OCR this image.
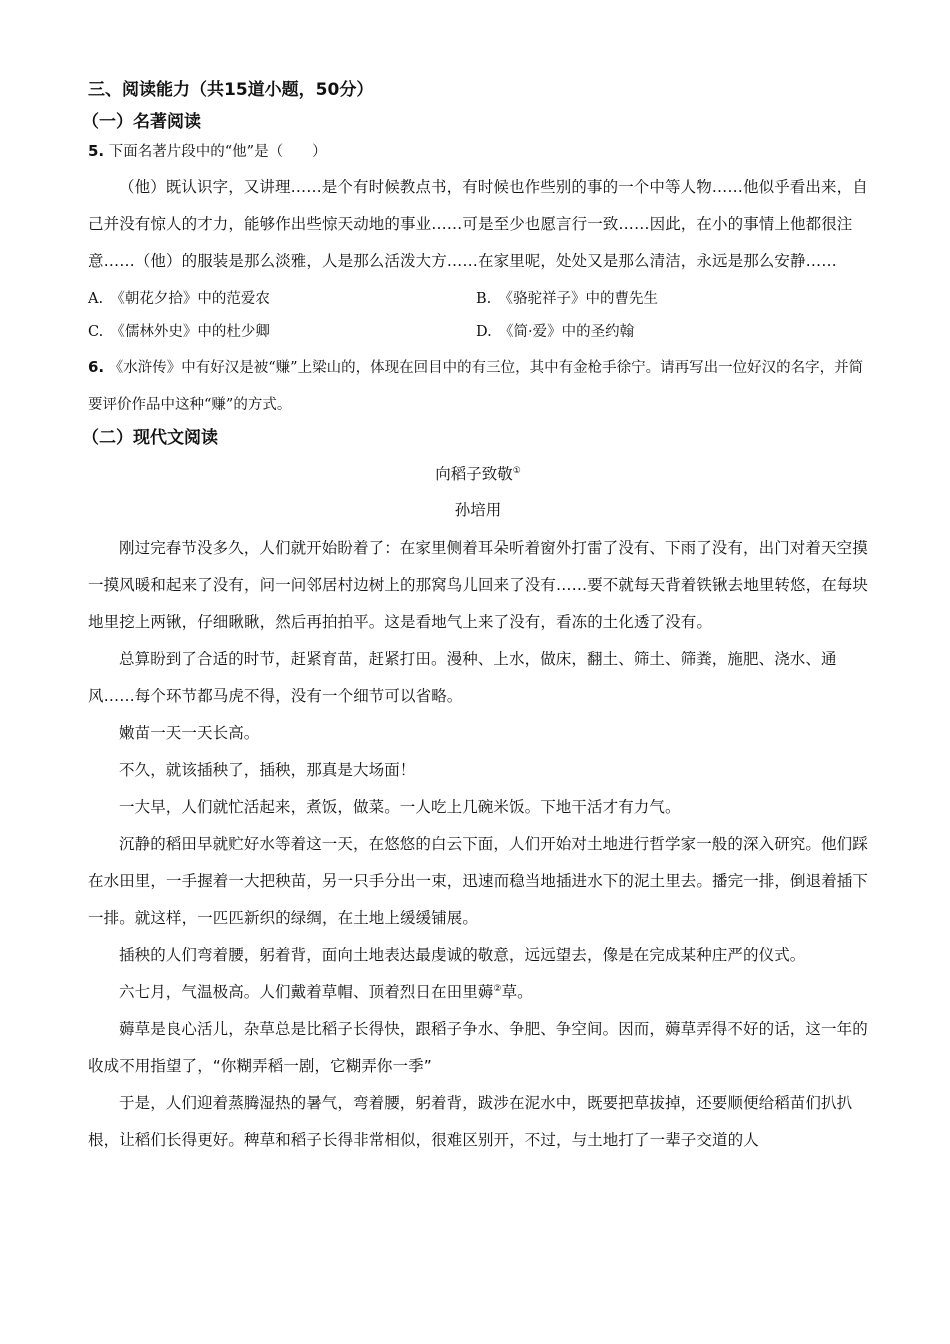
三、阅读能力（共15道小题，50分）
（一）名著阅读
5. 下面名著片段中的“他”是（　　）

（他）既认识字，又讲理……是个有时候教点书，有时候也作些别的事的一个中等人物……他似乎看出来，自己并没有惊人的才力，能够作出些惊天动地的事业……可是至少也愿言行一致……因此，在小的事情上他都很注意……（他）的服装是那么淡雅，人是那么活泼大方……在家里呢，处处又是那么清洁，永远是那么安静……

A.　《朝花夕拾》中的范爱农	B.　《骆驼祥子》中的曹先生
C.　《儒林外史》中的杜少卿	D.　《简·爱》中的圣约翰
6. 《水浒传》中有好汉是被“赚”上梁山的，体现在回目中的有三位，其中有金枪手徐宁。请再写出一位好汉的名字，并简要评价作品中这种“赚”的方式。
（二）现代文阅读
向稻子致敬①
孙培用

刚过完春节没多久，人们就开始盼着了：在家里侧着耳朵听着窗外打雷了没有、下雨了没有，出门对着天空摸一摸风暖和起来了没有，问一问邻居村边树上的那窝鸟儿回来了没有……要不就每天背着铁锹去地里转悠，在每块地里挖上两锹，仔细瞅瞅，然后再拍拍平。这是看地气上来了没有，看冻的土化透了没有。

总算盼到了合适的时节，赶紧育苗，赶紧打田。漫种、上水，做床，翻土、筛土、筛粪，施肥、浇水、通风……每个环节都马虎不得，没有一个细节可以省略。

嫩苗一天一天长高。

不久，就该插秧了，插秧，那真是大场面！

一大早，人们就忙活起来，煮饭，做菜。一人吃上几碗米饭。下地干活才有力气。

沉静的稻田早就贮好水等着这一天，在悠悠的白云下面，人们开始对土地进行哲学家一般的深入研究。他们踩在水田里，一手握着一大把秧苗，另一只手分出一束，迅速而稳当地插进水下的泥土里去。播完一排，倒退着插下一排。就这样，一匹匹新织的绿绸，在土地上缓缓铺展。

插秧的人们弯着腰，躬着背，面向土地表达最虔诚的敬意，远远望去，像是在完成某种庄严的仪式。

六七月，气温极高。人们戴着草帽、顶着烈日在田里薅②草。

薅草是良心活儿，杂草总是比稻子长得快，跟稻子争水、争肥、争空间。因而，薅草弄得不好的话，这一年的收成不用指望了，“你糊弄稻一剧，它糊弄你一季”

于是，人们迎着蒸腾湿热的暑气，弯着腰，躬着背，跋涉在泥水中，既要把草拔掉，还要顺便给稻苗们扒扒根，让稻们长得更好。稗草和稻子长得非常相似，很难区别开，不过，与土地打了一辈子交道的人
